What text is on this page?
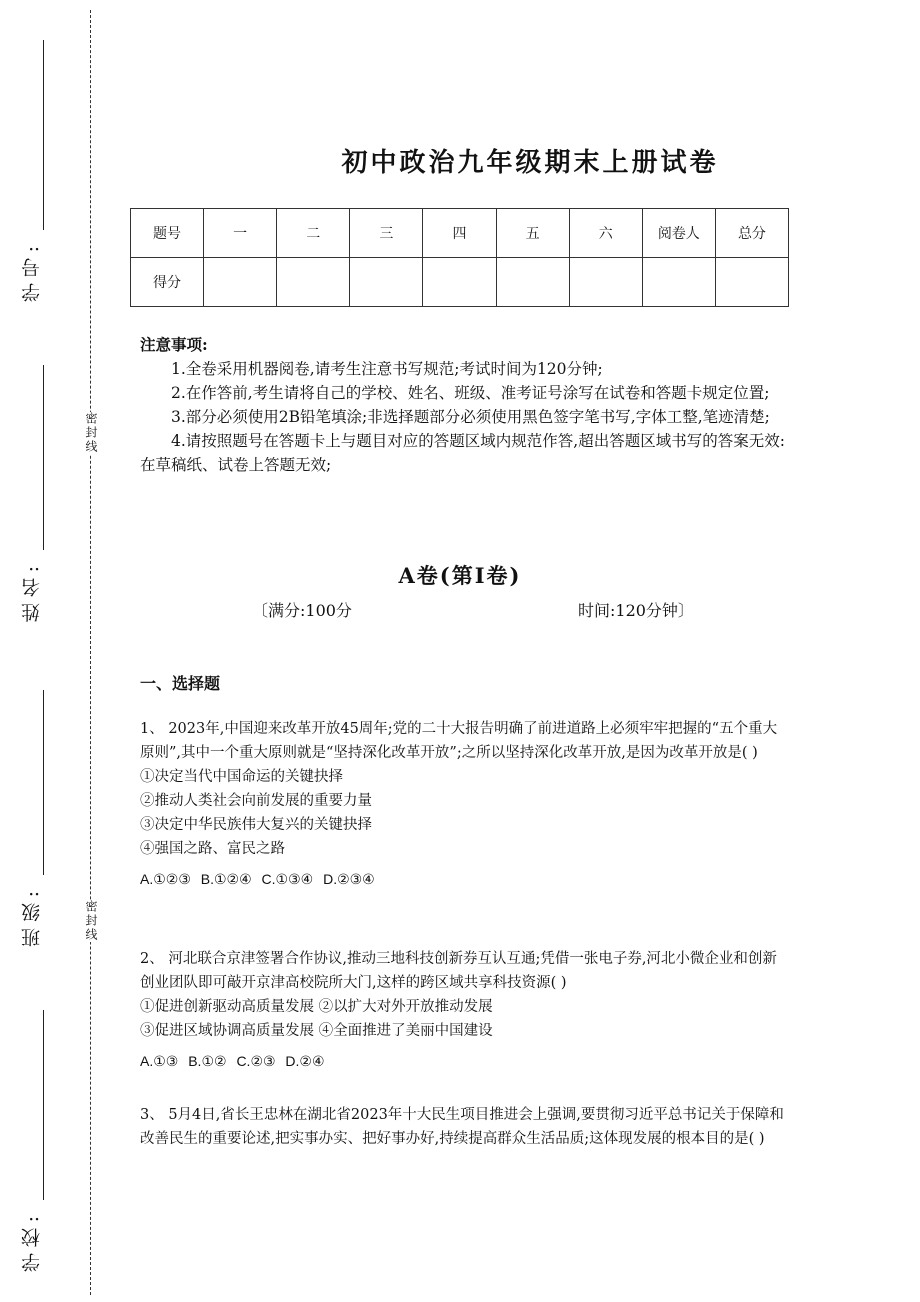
学号:
姓名:
班级:
学校:
密封线
密封线
初中政治九年级期末上册试卷
题号	一	二	三	四	五	六	阅卷人	总分
得分								
注意事项:

1.全卷采用机器阅卷,请考生注意书写规范;考试时间为120分钟;

2.在作答前,考生请将自己的学校、姓名、班级、准考证号涂写在试卷和答题卡规定位置;

3.部分必须使用2B铅笔填涂;非选择题部分必须使用黑色签字笔书写,字体工整,笔迹清楚;

4.请按照题号在答题卡上与题目对应的答题区域内规范作答,超出答题区域书写的答案无效:在草稿纸、试卷上答题无效;

A卷(第Ⅰ卷)
〔满分:100分	时间:120分钟〕
一、选择题

1、 2023年,中国迎来改革开放45周年;党的二十大报告明确了前进道路上必须牢牢把握的“五个重大原则”,其中一个重大原则就是“坚持深化改革开放”;之所以坚持深化改革开放,是因为改革开放是( )

①决定当代中国命运的关键抉择

②推动人类社会向前发展的重要力量

③决定中华民族伟大复兴的关键抉择

④强国之路、富民之路

A.①②③ B.①②④ C.①③④ D.②③④

2、 河北联合京津签署合作协议,推动三地科技创新券互认互通;凭借一张电子券,河北小微企业和创新创业团队即可敲开京津高校院所大门,这样的跨区域共享科技资源( )

①促进创新驱动高质量发展 ②以扩大对外开放推动发展

③促进区域协调高质量发展 ④全面推进了美丽中国建设

A.①③ B.①② C.②③ D.②④

3、 5月4日,省长王忠林在湖北省2023年十大民生项目推进会上强调,要贯彻习近平总书记关于保障和改善民生的重要论述,把实事办实、把好事办好,持续提高群众生活品质;这体现发展的根本目的是( )
